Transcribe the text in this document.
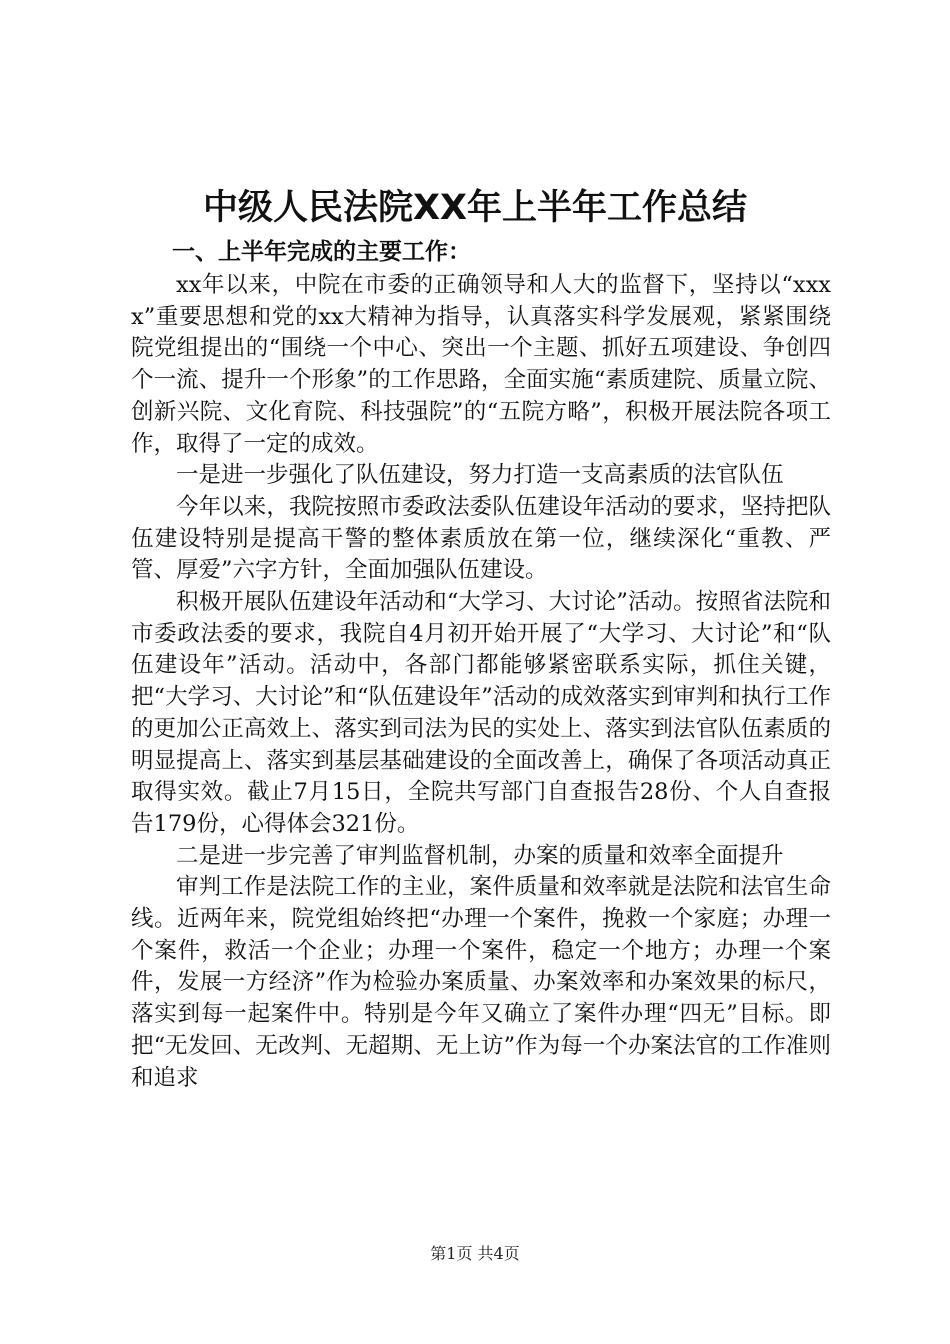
中级人民法院XX年上半年工作总结
一、上半年完成的主要工作：

xx年以来，中院在市委的正确领导和人大的监督下，坚持以“xxxx”重要思想和党的xx大精神为指导，认真落实科学发展观，紧紧围绕院党组提出的“围绕一个中心、突出一个主题、抓好五项建设、争创四个一流、提升一个形象”的工作思路，全面实施“素质建院、质量立院、创新兴院、文化育院、科技强院”的“五院方略”，积极开展法院各项工作，取得了一定的成效。

一是进一步强化了队伍建设，努力打造一支高素质的法官队伍

今年以来，我院按照市委政法委队伍建设年活动的要求，坚持把队伍建设特别是提高干警的整体素质放在第一位，继续深化“重教、严管、厚爱”六字方针，全面加强队伍建设。

积极开展队伍建设年活动和“大学习、大讨论”活动。按照省法院和市委政法委的要求，我院自4月初开始开展了“大学习、大讨论”和“队伍建设年”活动。活动中，各部门都能够紧密联系实际，抓住关键，把“大学习、大讨论”和“队伍建设年”活动的成效落实到审判和执行工作的更加公正高效上、落实到司法为民的实处上、落实到法官队伍素质的明显提高上、落实到基层基础建设的全面改善上，确保了各项活动真正取得实效。截止7月15日，全院共写部门自查报告28份、个人自查报告179份，心得体会321份。

二是进一步完善了审判监督机制，办案的质量和效率全面提升

审判工作是法院工作的主业，案件质量和效率就是法院和法官生命线。近两年来，院党组始终把“办理一个案件，挽救一个家庭；办理一个案件，救活一个企业；办理一个案件，稳定一个地方；办理一个案件，发展一方经济”作为检验办案质量、办案效率和办案效果的标尺，落实到每一起案件中。特别是今年又确立了案件办理“四无”目标。即把“无发回、无改判、无超期、无上访”作为每一个办案法官的工作准则和追求

第1页 共4页
